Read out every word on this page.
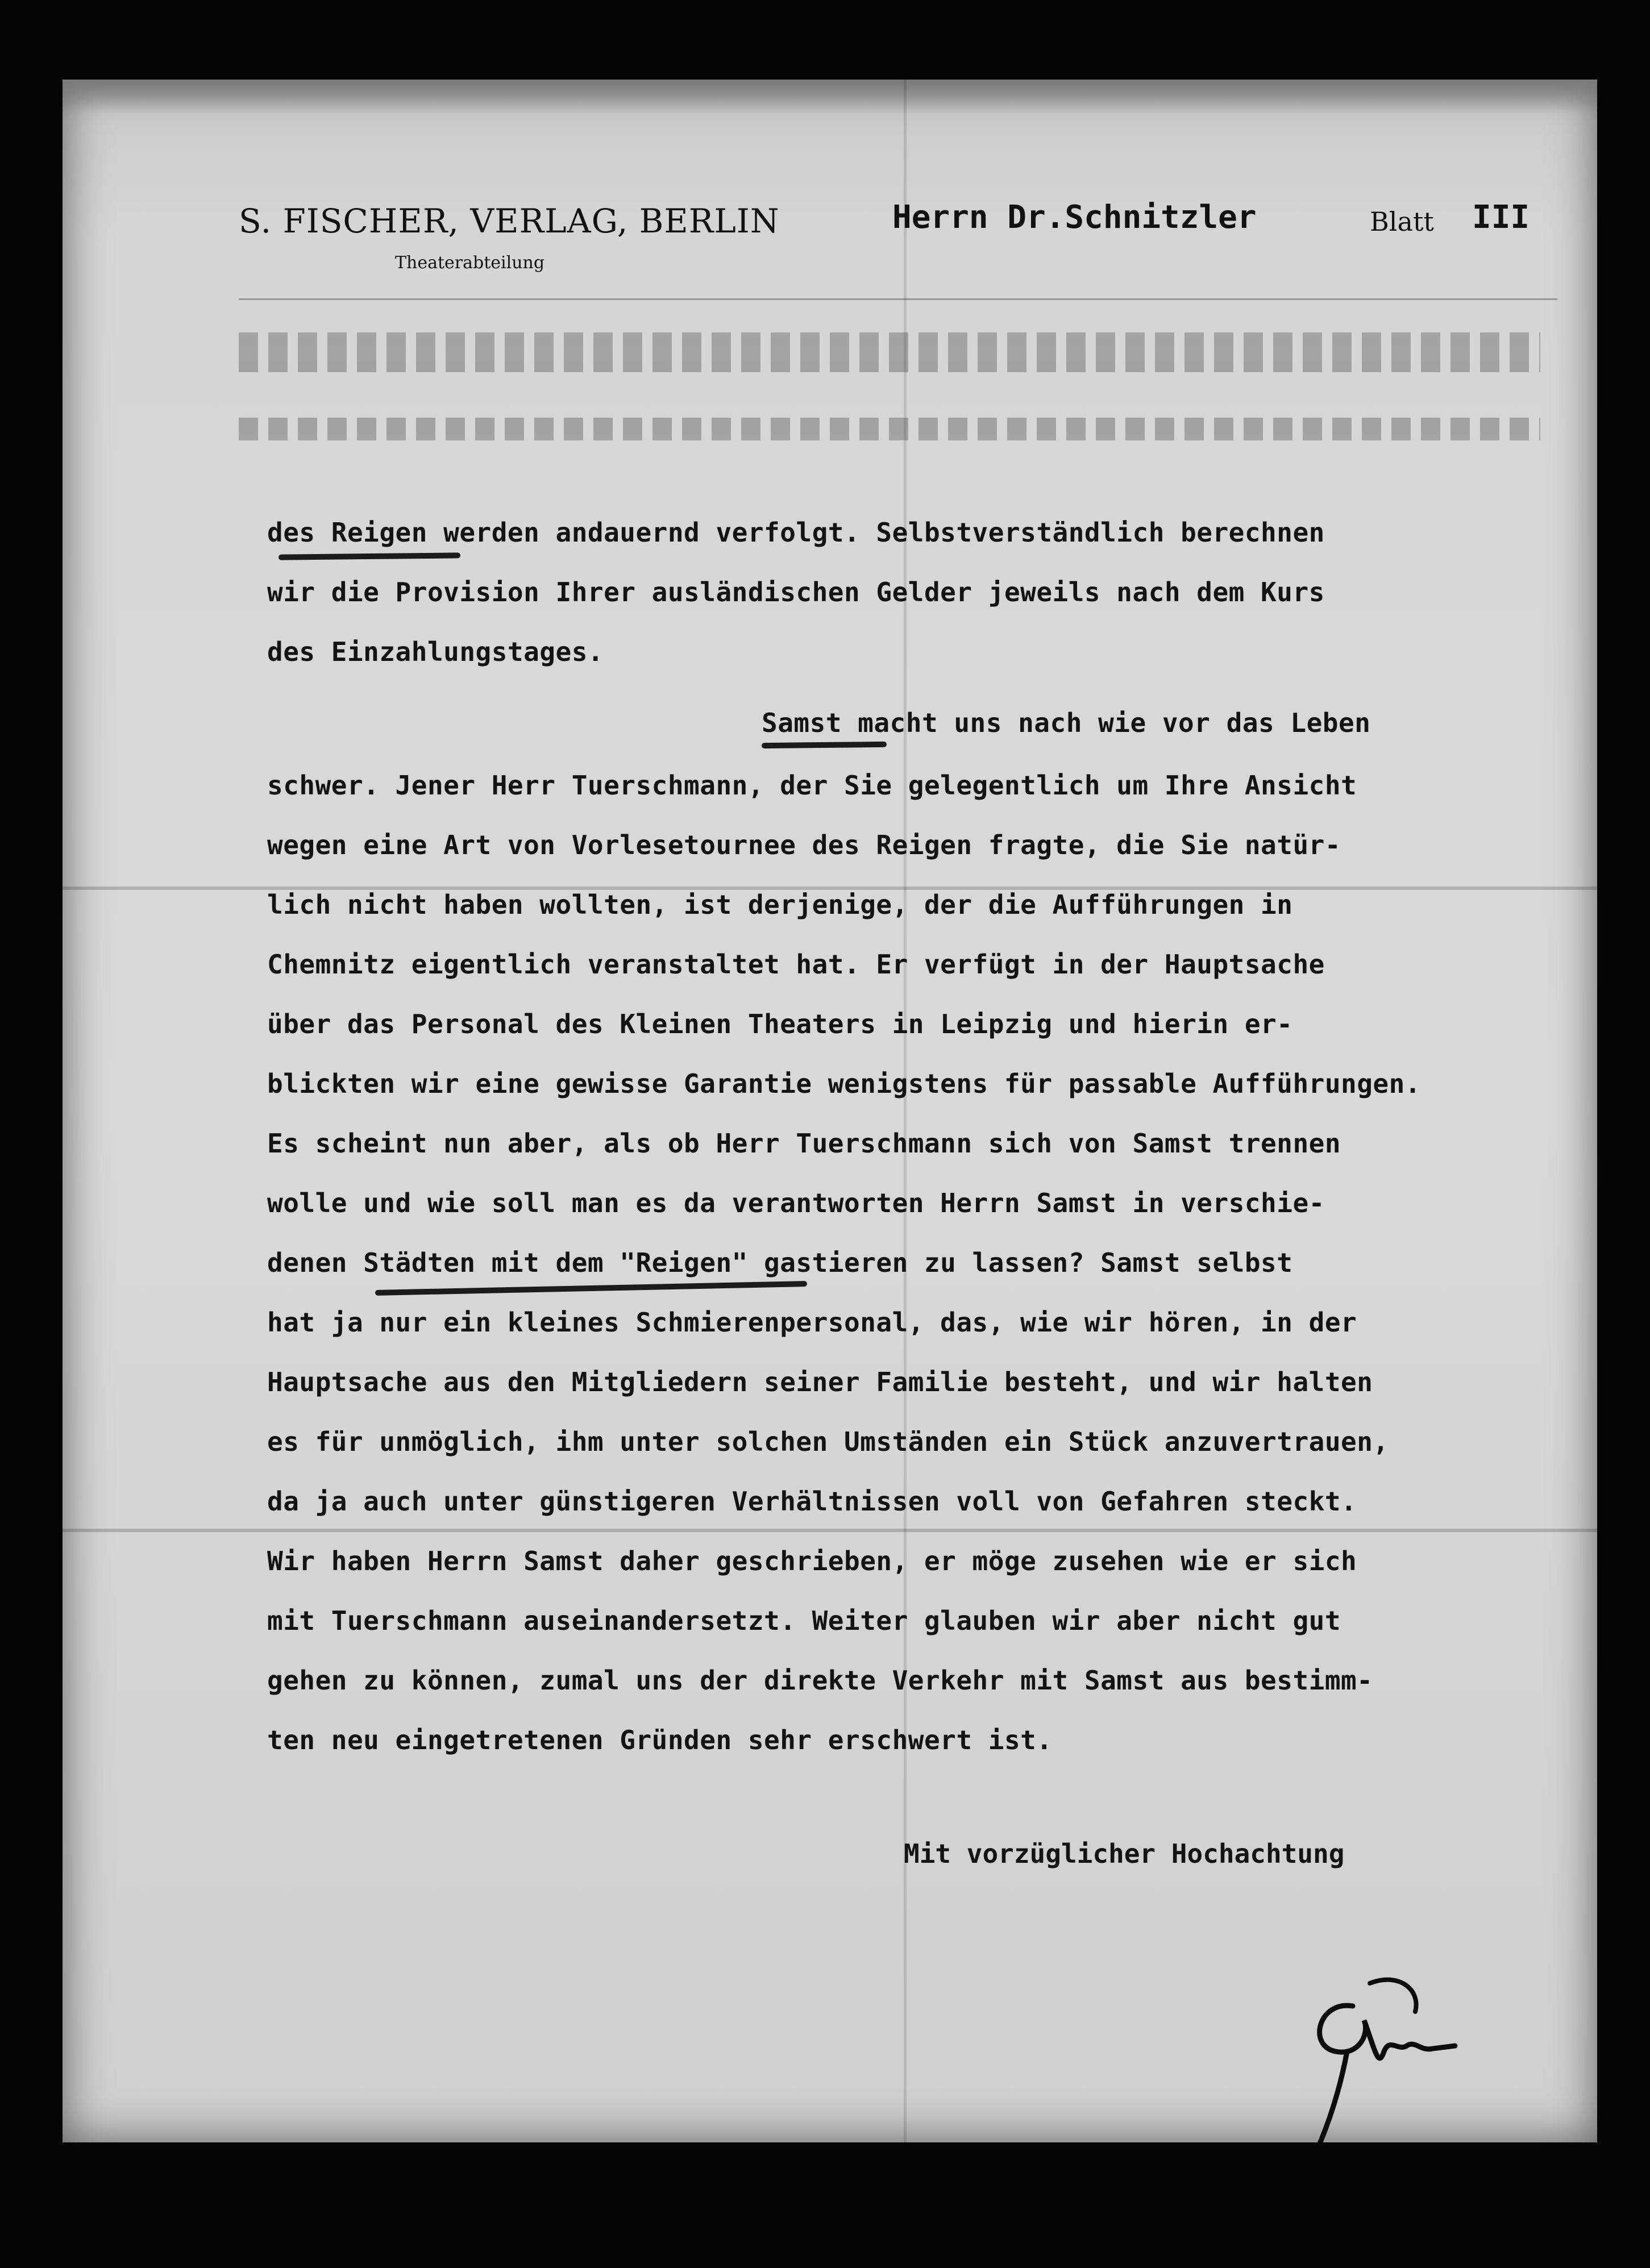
S. FISCHER, VERLAG, BERLIN
Theaterabteilung
Herrn Dr.Schnitzler	Blatt III
des Reigen werden andauernd verfolgt. Selbstverständlich berechnen
wir die Provision Ihrer ausländischen Gelder jeweils nach dem Kurs
des Einzahlungstages.
Samst macht uns nach wie vor das Leben
schwer. Jener Herr Tuerschmann, der Sie gelegentlich um Ihre Ansicht
wegen eine Art von Vorlesetournee des Reigen fragte, die Sie natür-
lich nicht haben wollten, ist derjenige, der die Aufführungen in
Chemnitz eigentlich veranstaltet hat. Er verfügt in der Hauptsache
über das Personal des Kleinen Theaters in Leipzig und hierin er-
blickten wir eine gewisse Garantie wenigstens für passable Aufführungen.
Es scheint nun aber, als ob Herr Tuerschmann sich von Samst trennen
wolle und wie soll man es da verantworten Herrn Samst in verschie-
denen Städten mit dem "Reigen" gastieren zu lassen? Samst selbst
hat ja nur ein kleines Schmierenpersonal, das, wie wir hören, in der
Hauptsache aus den Mitgliedern seiner Familie besteht, und wir halten
es für unmöglich, ihm unter solchen Umständen ein Stück anzuvertrauen,
da ja auch unter günstigeren Verhältnissen voll von Gefahren steckt.
Wir haben Herrn Samst daher geschrieben, er möge zusehen wie er sich
mit Tuerschmann auseinandersetzt. Weiter glauben wir aber nicht gut
gehen zu können, zumal uns der direkte Verkehr mit Samst aus bestimm-
ten neu eingetretenen Gründen sehr erschwert ist.
Mit vorzüglicher Hochachtung
